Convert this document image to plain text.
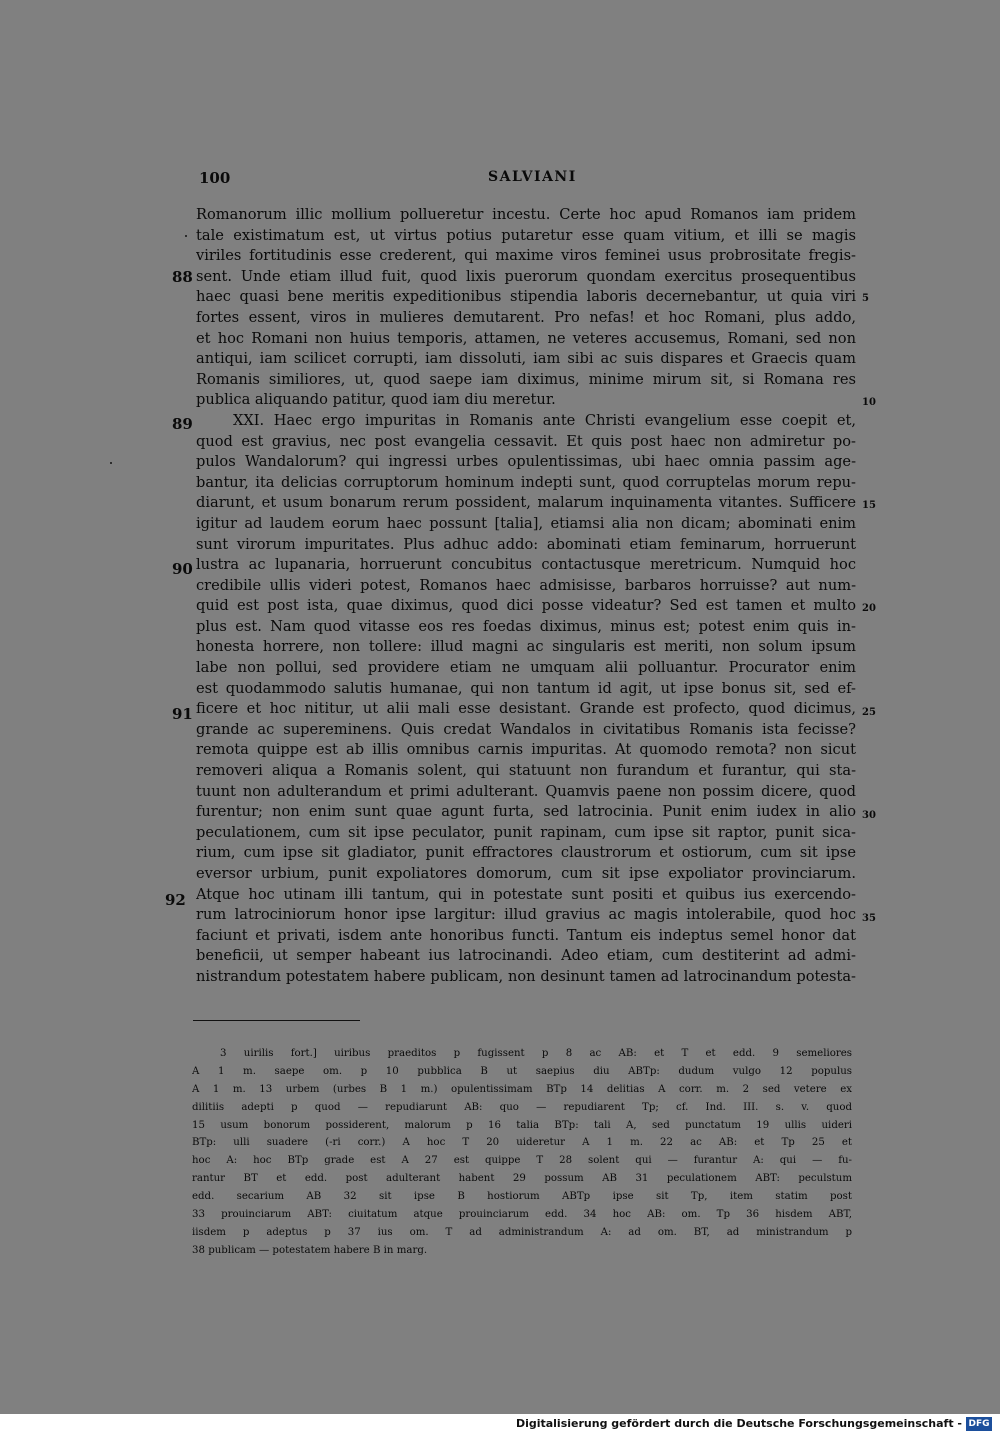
100	SALVIANI
Romanorum illic mollium pollueretur incestu. Certe hoc apud Romanos iam pridem
tale existimatum est, ut virtus potius putaretur esse quam vitium, et illi se magis
viriles fortitudinis esse crederent, qui maxime viros feminei usus probrositate fregis-
sent. Unde etiam illud fuit, quod lixis puerorum quondam exercitus prosequentibus
haec quasi bene meritis expeditionibus stipendia laboris decernebantur, ut quia viri
fortes essent, viros in mulieres demutarent. Pro nefas! et hoc Romani, plus addo,
et hoc Romani non huius temporis, attamen, ne veteres accusemus, Romani, sed non
antiqui, iam scilicet corrupti, iam dissoluti, iam sibi ac suis dispares et Graecis quam
Romanis similiores, ut, quod saepe iam diximus, minime mirum sit, si Romana res
publica aliquando patitur, quod iam diu meretur.
XXI. Haec ergo impuritas in Romanis ante Christi evangelium esse coepit et,
quod est gravius, nec post evangelia cessavit. Et quis post haec non admiretur po-
pulos Wandalorum? qui ingressi urbes opulentissimas, ubi haec omnia passim age-
bantur, ita delicias corruptorum hominum indepti sunt, quod corruptelas morum repu-
diarunt, et usum bonarum rerum possident, malarum inquinamenta vitantes. Sufficere
igitur ad laudem eorum haec possunt [talia], etiamsi alia non dicam; abominati enim
sunt virorum impuritates. Plus adhuc addo: abominati etiam feminarum, horruerunt
lustra ac lupanaria, horruerunt concubitus contactusque meretricum. Numquid hoc
credibile ullis videri potest, Romanos haec admisisse, barbaros horruisse? aut num-
quid est post ista, quae diximus, quod dici posse videatur? Sed est tamen et multo
plus est. Nam quod vitasse eos res foedas diximus, minus est; potest enim quis in-
honesta horrere, non tollere: illud magni ac singularis est meriti, non solum ipsum
labe non pollui, sed providere etiam ne umquam alii polluantur. Procurator enim
est quodammodo salutis humanae, qui non tantum id agit, ut ipse bonus sit, sed ef-
ficere et hoc nititur, ut alii mali esse desistant. Grande est profecto, quod dicimus,
grande ac supereminens. Quis credat Wandalos in civitatibus Romanis ista fecisse?
remota quippe est ab illis omnibus carnis impuritas. At quomodo remota? non sicut
removeri aliqua a Romanis solent, qui statuunt non furandum et furantur, qui sta-
tuunt non adulterandum et primi adulterant. Quamvis paene non possim dicere, quod
furentur; non enim sunt quae agunt furta, sed latrocinia. Punit enim iudex in alio
peculationem, cum sit ipse peculator, punit rapinam, cum ipse sit raptor, punit sica-
rium, cum ipse sit gladiator, punit effractores claustrorum et ostiorum, cum sit ipse
eversor urbium, punit expoliatores domorum, cum sit ipse expoliator provinciarum.
Atque hoc utinam illi tantum, qui in potestate sunt positi et quibus ius exercendo-
rum latrociniorum honor ipse largitur: illud gravius ac magis intolerabile, quod hoc
faciunt et privati, isdem ante honoribus functi. Tantum eis indeptus semel honor dat
beneficii, ut semper habeant ius latrocinandi. Adeo etiam, cum destiterint ad admi-
nistrandum potestatem habere publicam, non desinunt tamen ad latrocinandum potesta-
88
89
90
91
92
5
10
15
20
25
30
35
3 uirilis fort.] uiribus praeditos p fugissent p 8 ac AB: et T et edd. 9 semeliores
A 1 m. saepe om. p 10 pubblica B ut saepius diu ABTp: dudum vulgo 12 populus
A 1 m. 13 urbem (urbes B 1 m.) opulentissimam BTp 14 delitias A corr. m. 2 sed vetere ex
dilitiis adepti p quod — repudiarunt AB: quo — repudiarent Tp; cf. Ind. III. s. v. quod
15 usum bonorum possiderent, malorum p 16 talia BTp: tali A, sed punctatum 19 ullis uideri
BTp: ulli suadere (-ri corr.) A hoc T 20 uideretur A 1 m. 22 ac AB: et Tp 25 et
hoc A: hoc BTp grade est A 27 est quippe T 28 solent qui — furantur A: qui — fu-
rantur BT et edd. post adulterant habent 29 possum AB 31 peculationem ABT: peculstum
edd. secarium AB 32 sit ipse B hostiorum ABTp ipse sit Tp, item statim post
33 prouinciarum ABT: ciuitatum atque prouinciarum edd. 34 hoc AB: om. Tp 36 hisdem ABT,
iisdem p adeptus p 37 ius om. T ad administrandum A: ad om. BT, ad ministrandum p
38 publicam — potestatem habere B in marg.
Digitalisierung gefördert durch die Deutsche Forschungsgemeinschaft - DFG
